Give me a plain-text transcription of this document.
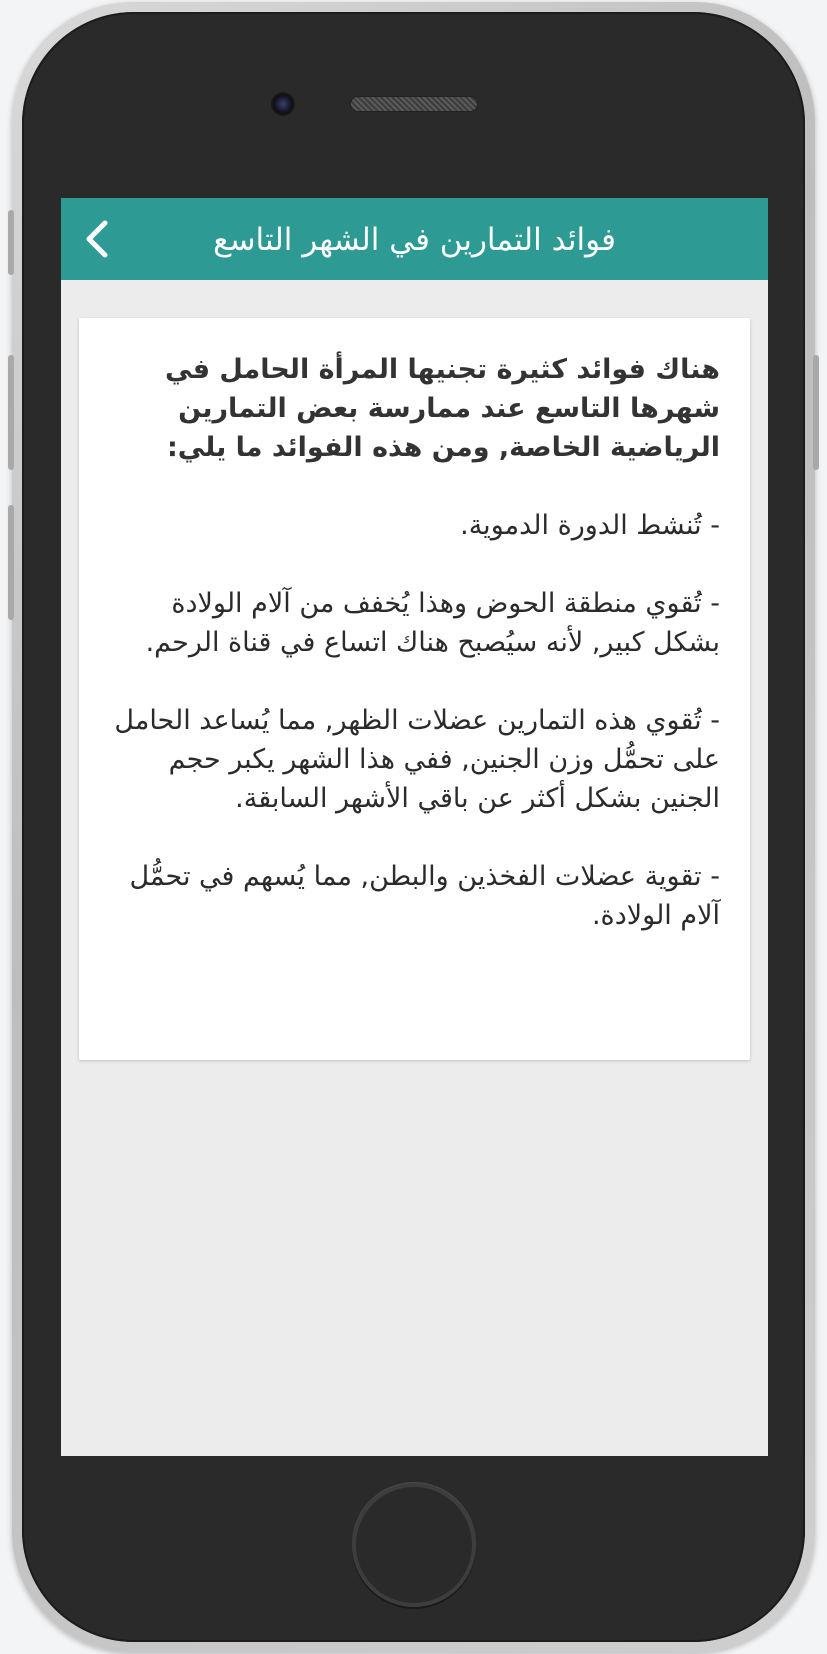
فوائد التمارين في الشهر التاسع

هناك فوائد كثيرة تجنيها المرأة الحامل في شهرها التاسع عند ممارسة بعض التمارين الرياضية الخاصة, ومن هذه الفوائد ما يلي:

- تُنشط الدورة الدموية.

- تُقوي منطقة الحوض وهذا يُخفف من آلام الولادة بشكل كبير, لأنه سيُصبح هناك اتساع في قناة الرحم.

- تُقوي هذه التمارين عضلات الظهر, مما يُساعد الحامل على تحمُّل وزن الجنين, ففي هذا الشهر يكبر حجم الجنين بشكل أكثر عن باقي الأشهر السابقة.

- تقوية عضلات الفخذين والبطن, مما يُسهم في تحمُّل آلام الولادة.
